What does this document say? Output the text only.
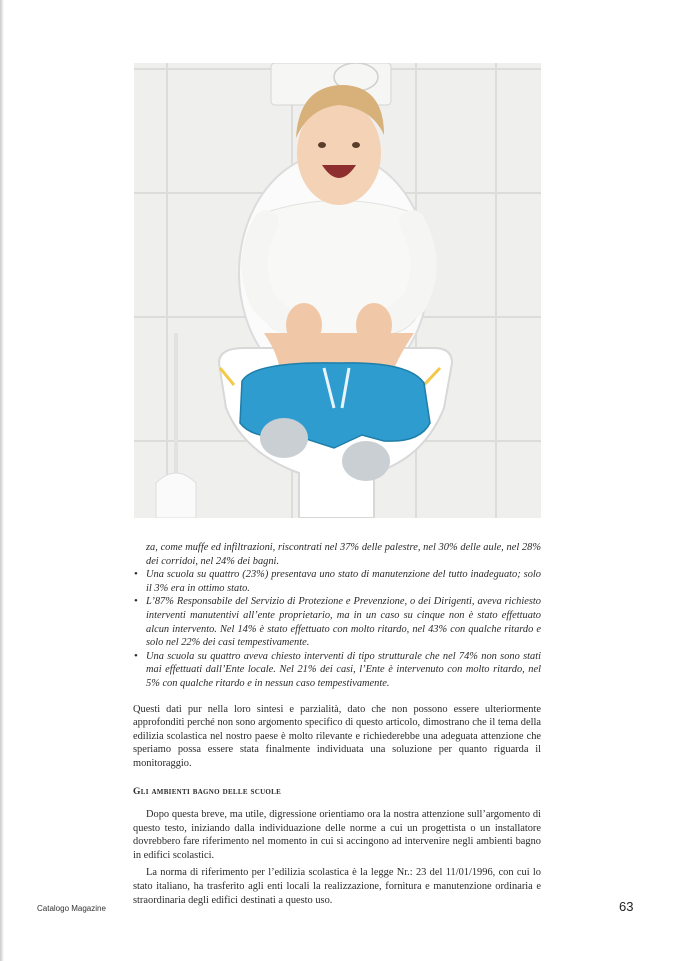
za, come muffe ed infiltrazioni, riscontrati nel 37% delle palestre, nel 30% delle aule, nel 28% dei corridoi, nel 24% dei bagni.
• Una scuola su quattro (23%) presentava uno stato di manutenzione del tutto inadeguato; solo il 3% era in ottimo stato.
• L’87% Responsabile del Servizio di Protezione e Prevenzione, o dei Dirigenti, aveva richiesto interventi manutentivi all’ente proprietario, ma in un caso su cinque non è stato effettuato alcun intervento. Nel 14% è stato effettuato con molto ritardo, nel 43% con qualche ritardo e solo nel 22% dei casi tempestivamente.
• Una scuola su quattro aveva chiesto interventi di tipo strutturale che nel 74% non sono stati mai effettuati dall’Ente locale. Nel 21% dei casi, l’Ente è intervenuto con molto ritardo, nel 5% con qualche ritardo e in nessun caso tempestivamente.

Questi dati pur nella loro sintesi e parzialità, dato che non possono essere ulteriormente approfonditi perché non sono argomento specifico di questo articolo, dimostrano che il tema della edilizia scolastica nel nostro paese è molto rilevante e richiederebbe una adeguata attenzione che speriamo possa essere stata finalmente individuata una soluzione per quanto riguarda il monitoraggio.

Gli ambienti bagno delle scuole

Dopo questa breve, ma utile, digressione orientiamo ora la nostra attenzione sull’argomento di questo testo, iniziando dalla individuazione delle norme a cui un progettista o un installatore dovrebbero fare riferimento nel momento in cui si accingono ad intervenire negli ambienti bagno in edifici scolastici.

La norma di riferimento per l’edilizia scolastica è la legge Nr.: 23 del 11/01/1996, con cui lo stato italiano, ha trasferito agli enti locali la realizzazione, fornitura e manutenzione ordinaria e straordinaria degli edifici destinati a questo uso.

Catalogo Magazine	63
